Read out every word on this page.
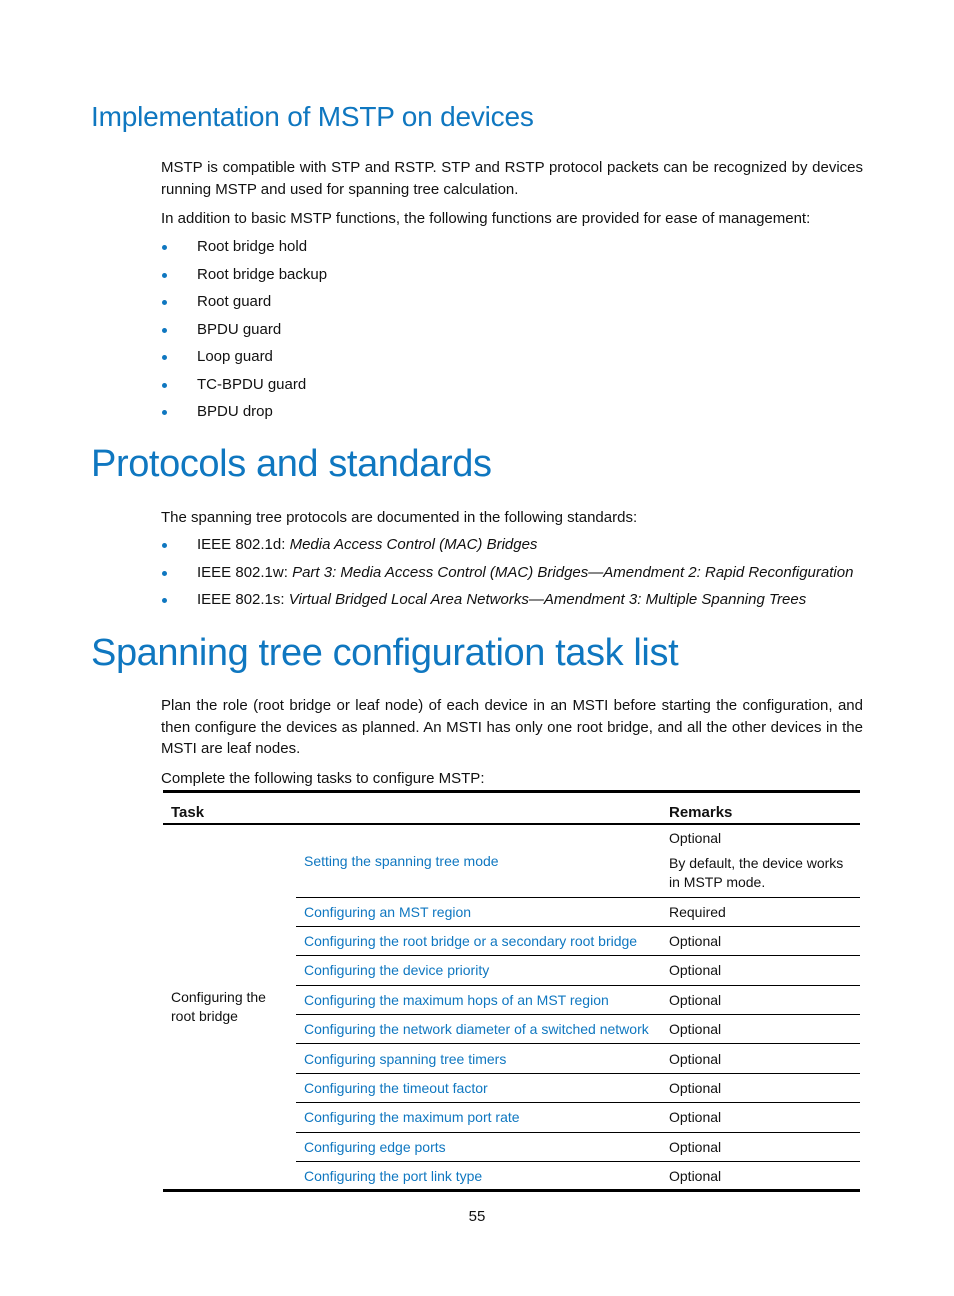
Implementation of MSTP on devices

MSTP is compatible with STP and RSTP. STP and RSTP protocol packets can be recognized by devices running MSTP and used for spanning tree calculation.

In addition to basic MSTP functions, the following functions are provided for ease of management:

Root bridge hold
Root bridge backup
Root guard
BPDU guard
Loop guard
TC-BPDU guard
BPDU drop
Protocols and standards

The spanning tree protocols are documented in the following standards:

IEEE 802.1d: Media Access Control (MAC) Bridges
IEEE 802.1w: Part 3: Media Access Control (MAC) Bridges—Amendment 2: Rapid Reconfiguration
IEEE 802.1s: Virtual Bridged Local Area Networks—Amendment 3: Multiple Spanning Trees
Spanning tree configuration task list

Plan the role (root bridge or leaf node) of each device in an MSTI before starting the configuration, and then configure the devices as planned. An MSTI has only one root bridge, and all the other devices in the MSTI are leaf nodes.

Complete the following tasks to configure MSTP:

Task		Remarks
Configuring the root bridge	Setting the spanning tree mode	Optional
By default, the device works in MSTP mode.

	Configuring an MST region	Required
	Configuring the root bridge or a secondary root bridge	Optional
	Configuring the device priority	Optional
	Configuring the maximum hops of an MST region	Optional
	Configuring the network diameter of a switched network	Optional
	Configuring spanning tree timers	Optional
	Configuring the timeout factor	Optional
	Configuring the maximum port rate	Optional
	Configuring edge ports	Optional
	Configuring the port link type	Optional
55
